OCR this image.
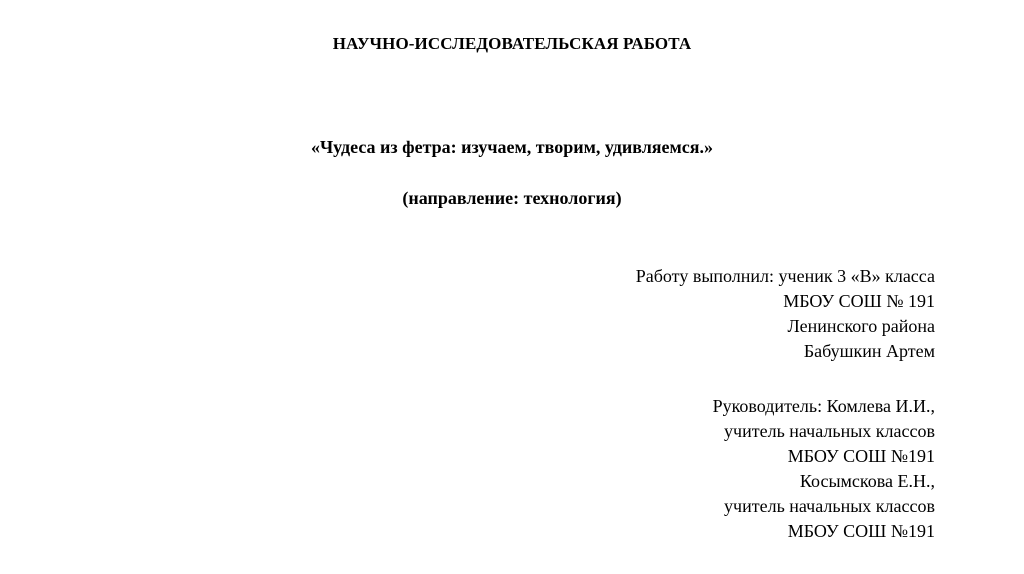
НАУЧНО-ИССЛЕДОВАТЕЛЬСКАЯ РАБОТА
«Чудеса из фетра: изучаем, творим, удивляемся.»
(направление: технология)
Работу выполнил: ученик 3 «В» класса
МБОУ СОШ № 191
Ленинского района
Бабушкин Артем
Руководитель: Комлева И.И.,
учитель начальных классов
МБОУ СОШ №191
Косымскова Е.Н.,
учитель начальных классов
МБОУ СОШ №191
